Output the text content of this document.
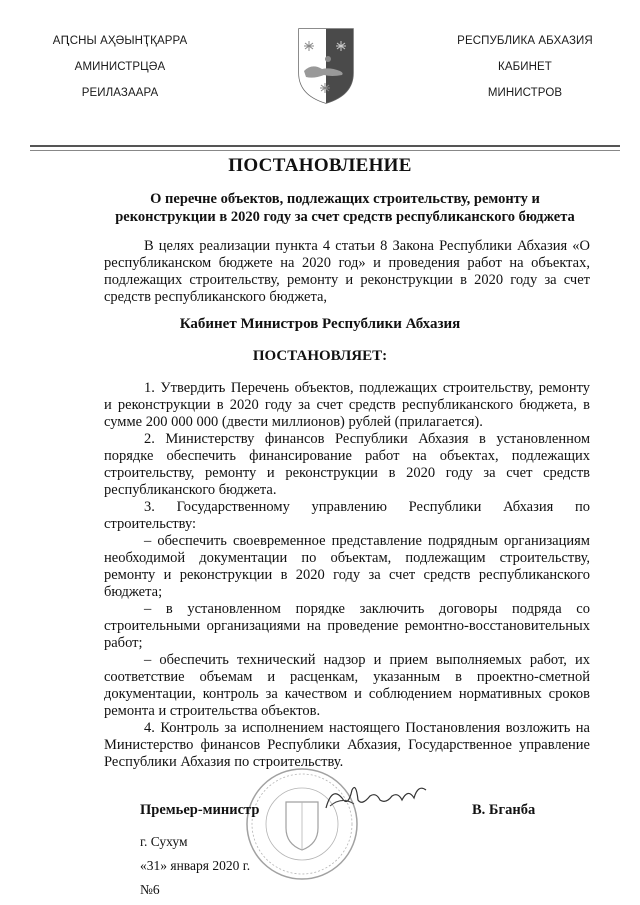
АԤСНЫ АҲӘЫНҬҚАРРА
АМИНИСТРЦӘА
РЕИЛАЗААРА
РЕСПУБЛИКА АБХАЗИЯ
КАБИНЕТ
МИНИСТРОВ
ПОСТАНОВЛЕНИЕ
О перечне объектов, подлежащих строительству, ремонту и
реконструкции в 2020 году за счет средств республиканского бюджета

В целях реализации пункта 4 статьи 8 Закона Республики Абхазия «О республиканском бюджете на 2020 год» и проведения работ на объектах, подлежащих строительству, ремонту и реконструкции в 2020 году за счет средств республиканского бюджета,

Кабинет Министров Республики Абхазия
ПОСТАНОВЛЯЕТ:

1. Утвердить Перечень объектов, подлежащих строительству, ремонту и реконструкции в 2020 году за счет средств республиканского бюджета, в сумме 200 000 000 (двести миллионов) рублей (прилагается).

2. Министерству финансов Республики Абхазия в установленном порядке обеспечить финансирование работ на объектах, подлежащих строительству, ремонту и реконструкции в 2020 году за счет средств республиканского бюджета.

3. Государственному управлению Республики Абхазия по строительству:

– обеспечить своевременное представление подрядным организациям необходимой документации по объектам, подлежащим строительству, ремонту и реконструкции в 2020 году за счет средств республиканского бюджета;

– в установленном порядке заключить договоры подряда со строительными организациями на проведение ремонтно-восстановительных работ;

– обеспечить технический надзор и прием выполняемых работ, их соответствие объемам и расценкам, указанным в проектно-сметной документации, контроль за качеством и соблюдением нормативных сроков ремонта и строительства объектов.

4. Контроль за исполнением настоящего Постановления возложить на Министерство финансов Республики Абхазия, Государственное управление Республики Абхазия по строительству.

Премьер-министр	В. Бганба
г. Сухум
«31» января 2020 г.
№6
